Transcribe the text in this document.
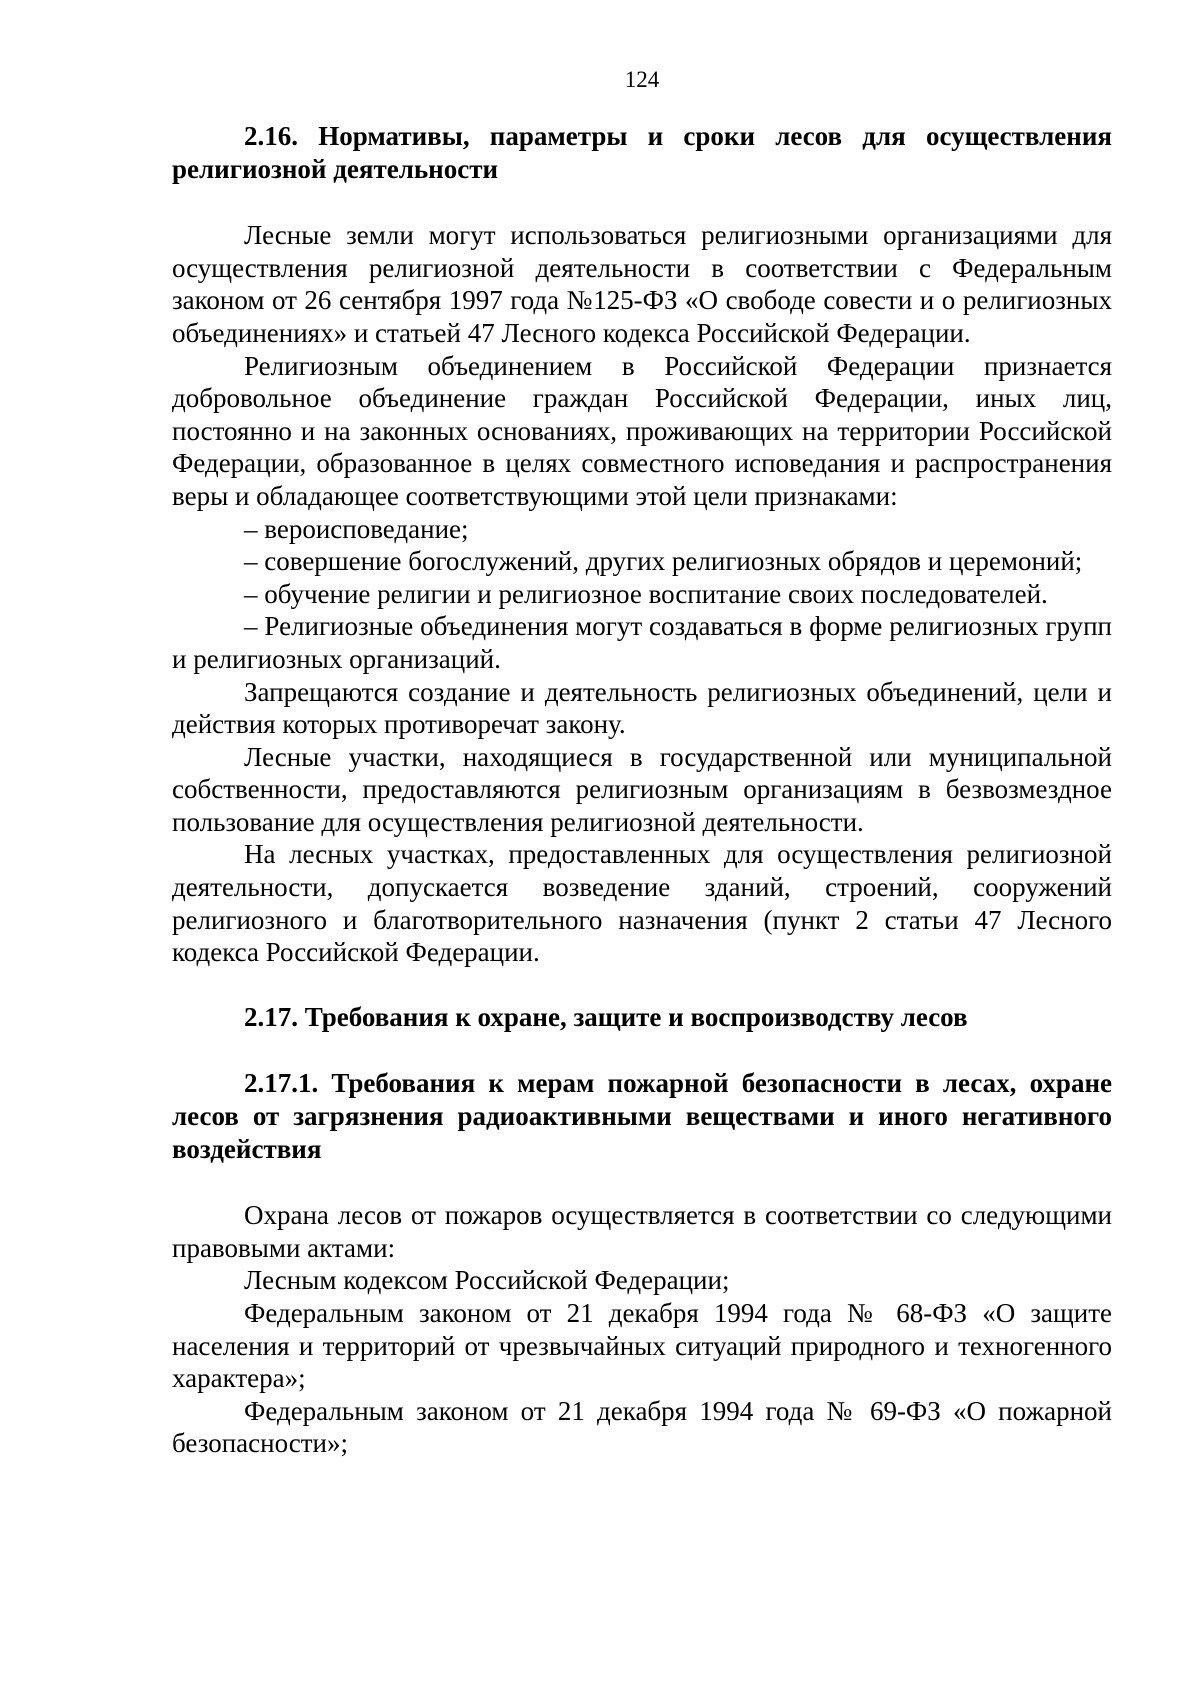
124
2.16. Нормативы, параметры и сроки лесов для осуществления религиозной деятельности

Лесные земли могут использоваться религиозными организациями для осуществления религиозной деятельности в соответствии с Федеральным законом от 26 сентября 1997 года №125-ФЗ «О свободе совести и о религиозных объединениях» и статьей 47 Лесного кодекса Российской Федерации.

Религиозным объединением в Российской Федерации признается добровольное объединение граждан Российской Федерации, иных лиц, постоянно и на законных основаниях, проживающих на территории Российской Федерации, образованное в целях совместного исповедания и распространения веры и обладающее соответствующими этой цели признаками:

– вероисповедание;

– совершение богослужений, других религиозных обрядов и церемоний;

– обучение религии и религиозное воспитание своих последователей.

– Религиозные объединения могут создаваться в форме религиозных групп и религиозных организаций.

Запрещаются создание и деятельность религиозных объединений, цели и действия которых противоречат закону.

Лесные участки, находящиеся в государственной или муниципальной собственности, предоставляются религиозным организациям в безвозмездное пользование для осуществления религиозной деятельности.

На лесных участках, предоставленных для осуществления религиозной деятельности, допускается возведение зданий, строений, сооружений религиозного и благотворительного назначения (пункт 2 статьи 47 Лесного кодекса Российской Федерации.

2.17. Требования к охране, защите и воспроизводству лесов
2.17.1. Требования к мерам пожарной безопасности в лесах, охране лесов от загрязнения радиоактивными веществами и иного негативного воздействия

Охрана лесов от пожаров осуществляется в соответствии со следующими правовыми актами:

Лесным кодексом Российской Федерации;

Федеральным законом от 21 декабря 1994 года № 68-ФЗ «О защите населения и территорий от чрезвычайных ситуаций природного и техногенного характера»;

Федеральным законом от 21 декабря 1994 года № 69-ФЗ «О пожарной безопасности»;
